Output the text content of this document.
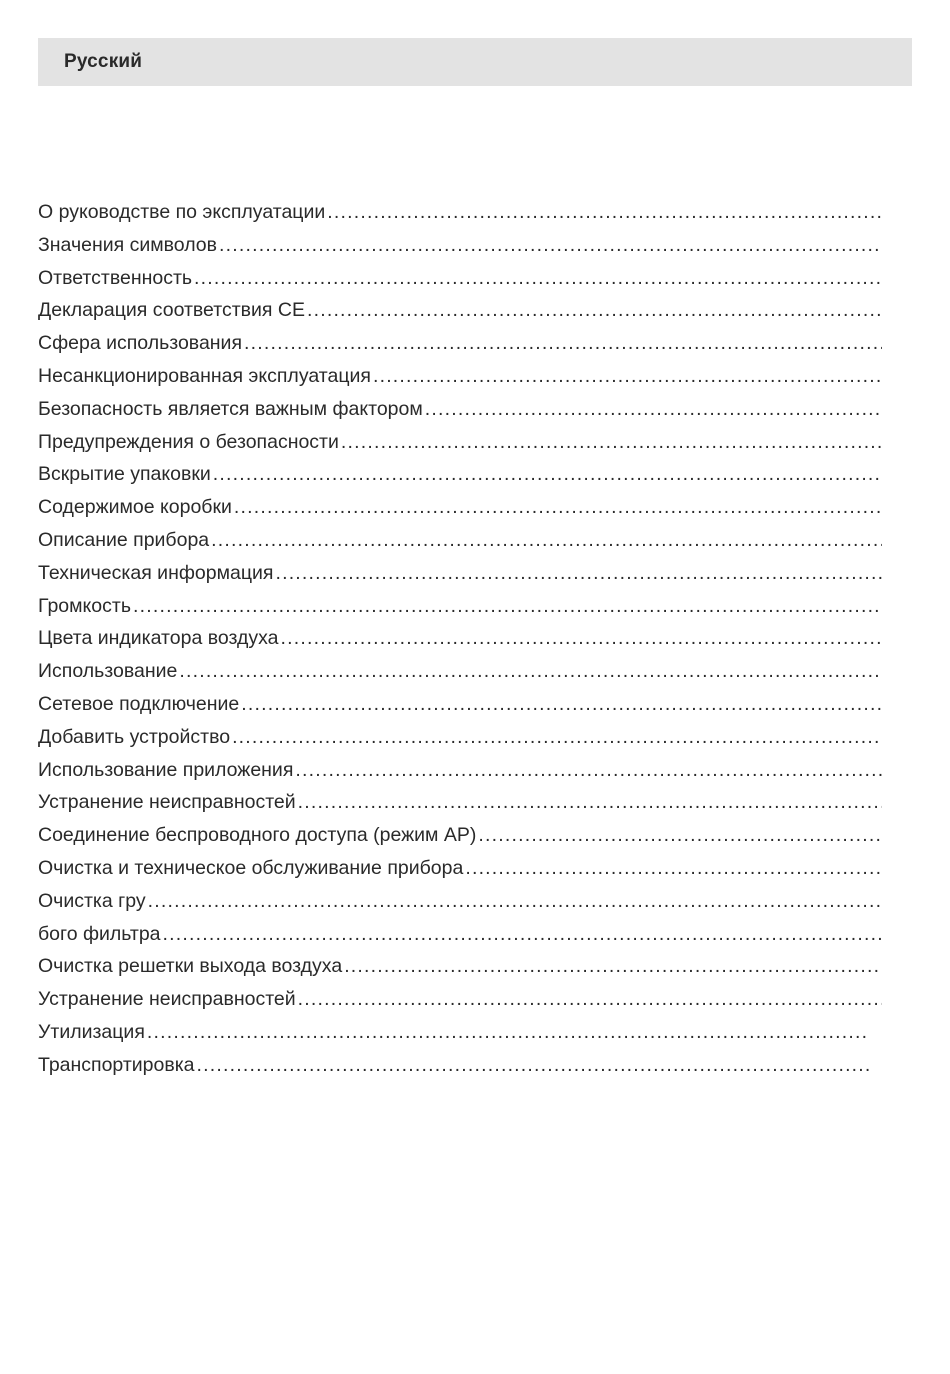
Русский
О руководстве по эксплуатации
.....
Значения символов
.....
Ответственность
.....
Декларация соответствия CE
.....
Сфера использования
.....
Несанкционированная эксплуатация
.....
Безопасность является важным фактором
.....
Предупреждения о безопасности
.....
Вскрытие упаковки
.....
Содержимое коробки
.....
Описание прибора
.....
Техническая информация
.....
Громкость
.....
Цвета индикатора воздуха
.....
Использование
.....
Сетевое подключение
.....
Добавить устройство
.....
Использование приложения
.....
Устранение неисправностей
.....
Соединение беспроводного доступа (режим AP)
.....
Очистка и техническое обслуживание прибора
.....
Очистка гру
.....
бого фильтра
.....
Очистка решетки выхода воздуха
.....
Устранение неисправностей
.....
Утилизация
.....
Транспортировка
.....
